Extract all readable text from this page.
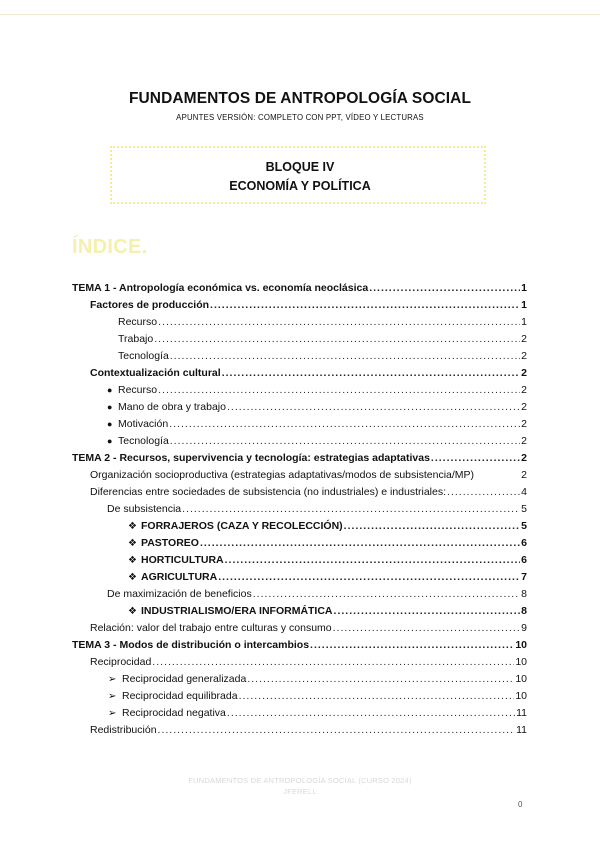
FUNDAMENTOS DE ANTROPOLOGÍA SOCIAL
APUNTES VERSIÓN: COMPLETO CON PPT, VÍDEO Y LECTURAS
BLOQUE IV
ECONOMÍA Y POLÍTICA
ÍNDICE.
TEMA 1 - Antropología económica vs. economía neoclásica .....	1
Factores de producción .....	1
Recurso .....	1
Trabajo .....	2
Tecnología .....	2
Contextualización cultural .....	2
● Recurso .....	2
● Mano de obra y trabajo .....	2
● Motivación .....	2
● Tecnología .....	2
TEMA 2 - Recursos, supervivencia y tecnología: estrategias adaptativas .....	2
Organización socioproductiva (estrategias adaptativas/modos de subsistencia/MP)	2
Diferencias entre sociedades de subsistencia (no industriales) e industriales: .....	4
De subsistencia .....	5
❖ FORRAJEROS (CAZA Y RECOLECCIÓN) .....	5
❖ PASTOREO .....	6
❖ HORTICULTURA .....	6
❖ AGRICULTURA .....	7
De maximización de beneficios .....	8
❖ INDUSTRIALISMO/ERA INFORMÁTICA .....	8
Relación: valor del trabajo entre culturas y consumo .....	9
TEMA 3 - Modos de distribución o intercambios .....	10
Reciprocidad .....	10
➢ Reciprocidad generalizada .....	10
➢ Reciprocidad equilibrada .....	10
➢ Reciprocidad negativa .....	11
Redistribución .....	11
FUNDAMENTOS DE ANTROPOLOGÍA SOCIAL (CURSO 2024)
JFERELL
0
